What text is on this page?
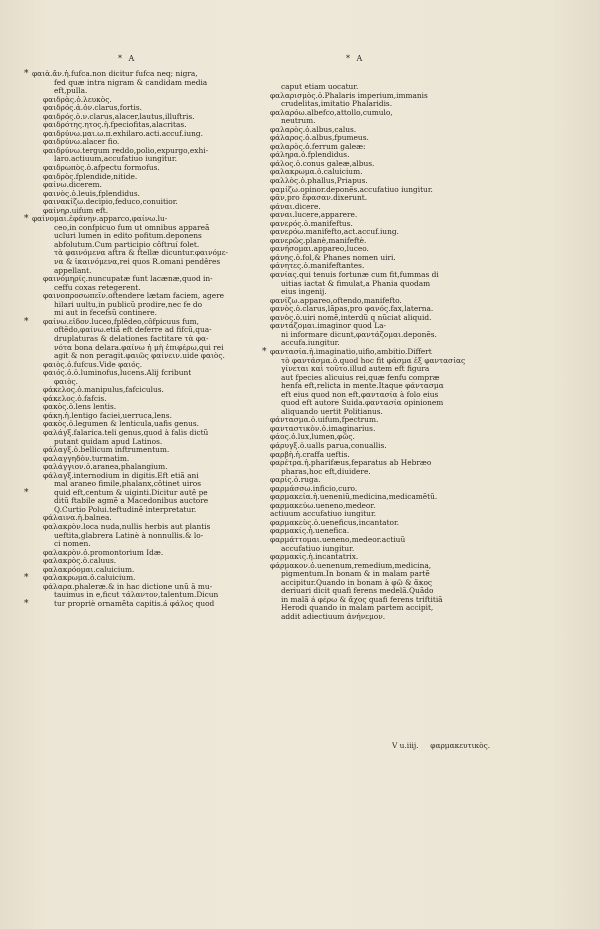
* A	* A
φαιὰ.ἄν.ἡ.fufca.non dicitur fufca neq; nigra,
fed quæ intra nigram & candidam media
eft,pulla.
φαιδρὰς.ὁ.λευκὸς.
φαιδρός.ἁ.ὀν.clarus,fortis.
φαιδρός.ὁ.ν.clarus,alacer,lautus,illuftris.
φαιδρότης.ητος.ἡ.fpeciofitas,alacritas.
φαιδρύνω.μαι.ω.π.exhilaro.acti.accuf.iung.
φαιδρύνω.alacer fio.
φαιδρύνω.tergum reddo,polio,expurgo,exhi-
laro.actiuum,accufatiuo iungitur.
φαιδρωπὸς.ὁ.afpectu formofus.
φαιδρὸς.fplendide,nitide.
φαίνω.dicerem.
φαινὸς.ὁ.leuis,fplendidus.
φαινακίζω.decipio,feduco,conuitior.
φαίνηρ.uifum eft.
φαίνομαι.ἐφάνην.apparco,φαίνω.lu-
ceo,in confpicuo fum ut omnibus appareã
ucluri lumen in edito pofitum.deponens
abfolutum.Cum participio côftruí folet.
τὰ φαινόμενα aftra & ftellæ dicuntur.φαινόμε-
να & ἰκαινόμενα,rei quos R.omani pendêres
appellant.
φαινόμηρίς.nuncupatæ funt lacænæ,quod in-
ceffu coxas retegerent.
φαινοπροσωπεῖν.oftendere lætam faciem, agere
hilari uultu,in publicũ prodire,nec fe do
mi aut in fecefsũ continere.
φαίνω.εἶδον.luceo,fplēdeo,côfpicuus fum,
oftēdo,φαίνω.etiã eft deferre ad fifcũ,qua-
druplaturas & delationes factitare τὰ φα-
νότα bona delara.φαίνω ἡ μὴ ἐπιφέρω,qui rei
agit & non peragit.φαιῶς φαίνειν.uide φαιὸς.
φαιὸς.ὁ.fufcus.Vide φαιός.
φαιός.ὁ.ὁ.luminofus,lucens.Alij fcribunt
φαιὸς.
φάκελος.ὁ.manipulus,fafciculus.
φάκελος.ὁ.fafcis.
φακὸς.ὁ.lens lentis.
φάκη.ἡ.lentigo faciei,uerruca,lens.
φακὸς.ὁ.legumen & lenticula,uafis genus.
φαλάγξ.falarica.teli genus,quod à falis dictũ
putant quidam apud Latinos.
φάλαγξ.ὁ.bellicum inftrumentum.
φαλαγγηδὸν.turmatim.
φαλάγγιον.ὁ.aranea,phalangium.
φάλαγξ.internodium in digitis.Eft etiã ani
mal araneo fimile,phalanx,côtinet uiros
quid eft,centum & uiginti.Dicitur autẽ pe
ditũ ftabile agmẽ a Macedonibus auctore
Q.Curtio Polui.teftudinẽ interpretatur.
φάλαινα.ἡ.balnea.
φαλακρὸν.loca nuda,nullis herbis aut plantis
ueftita,glabrera Latinè à nonnullis.& lo-
ci nomen.
φαλακρὸν.ὁ.promontorium Idæ.
φαλακρὸς.ὁ.caluus.
φαλακρόομαι.caluicium.
φαλακρωμα.ὁ.caluicium.
φάλαρα.phaleræ.& in hac dictione unũ ā mu-
tauimus in e,ficut τάλαντον,talentum.Dicun
tur propriè ornamẽta capitis.á φάλος quod
caput etiam uocatur.
φαλαρισμὸς.ὁ.Phalaris imperium,immanis
crudelitas,imitatio Phalaridis.
φαλαρόω.albefco,attollo,cumulo,
neutrum.
φαλαρὸς.ὁ.albus,calus.
φάλαρος.ὁ.albus,fpumeus.
φαλαρὸς.ὁ.ferrum galeæ:
φάληρα.ὁ.fplendidus.
φάλος.ὁ.conus galeæ,albus.
φαλακρωμα.ὁ.caluicium.
φαλλὸς.ὁ.phallus,Priapus.
φαμίζω.opinor.deponẽs.accufatiuo iungitur.
φᾶν,pro ἔφασαν.dixerunt.
φάναι.dicere.
φαναι.lucere,apparere.
φανερός.ὁ.manifeftus.
φανερόω.manifefto,act.accuf.iung.
φανερῶς.planè,manifeftè.
φανήσομαι.appareo,luceo.
φάνης.ὁ.fol,& Phanes nomen uiri.
φάνητες.ὁ.manifeftantes.
φανίας.qui tenuis fortunæ cum fit,fummas di
uitias iactat & fimulat,a Phania quodam
eius ingenij.
φανίζω.appareo,oftendo,manifefto.
φανὸς.ὁ.clarus,lãpas,pro φανός.fax,laterna.
φανὸς.ὁ.uiri nomẽ,interdũ q nũciat aliquid.
φαντάζομαι.imaginor quod La-
ni informare dicunt,φαντάζομαι.deponẽs.
accufa.iungitur.
φαντασία.ἡ.imaginatio,uifio,ambitio.Differt
τὸ φαντάσμα.ὁ.quod hoc fit φάσμα ἐξ φαντασίας
γίνεται καὶ τοῦτο.illud autem eft figura
aut fpecies alicuius rei,quæ fenfu compræ
henfa eft,relicta in mente.Itaque φάντασμα
eft eius quod non eft,φαντασία à folo eius
quod eft autore Suida.φαντασία opinionem
aliquando uertit Politianus.
φάντασμα.ὁ.uifum,fpectrum.
φανταστικὸν.ὁ.imaginarius.
φάος.ὁ.lux,lumen,φῶς.
φάρυγξ.ὁ.ualls parua,conuallis.
φαρβὴ.ἡ.craffa ueftis.
φαρέτρα.ἡ.pharifæus,feparatus ab Hebræo
pharas,hoc eft,diuidere.
φαρίς.ὁ.ruga.
φαρμάσσω.inficio,curo.
φαρμακεία.ἡ.ueneniũ,medicina,medicamẽtũ.
φαρμακεύω.ueneno,medeor.
actiuum accufatiuo iungitur.
φαρμακεὺς.ὁ.ueneficus,incantator.
φαρμακίς.ἡ.uenefica.
φαρμάττομαι.ueneno,medeor.actiuũ
accufatiuo iungitur.
φαρμακίς.ἡ.incantatrix.
φάρμακον.ὁ.uenenum,remedium,medicina,
pigmentum.In bonam & in malam partẽ
accipitur.Quando in bonam à φῶ & ἄκος
deriuari dicit quafi ferens medelã.Quãdo
in malã á φέρω & ἄχος quafi ferens triftitiã
Herodi quando in malam partem accipit,
addit adiectiuum ἀνήνεμον.
V u.iiij. φαρμακευτικὸς.
*
*
*
*
*
*
*
